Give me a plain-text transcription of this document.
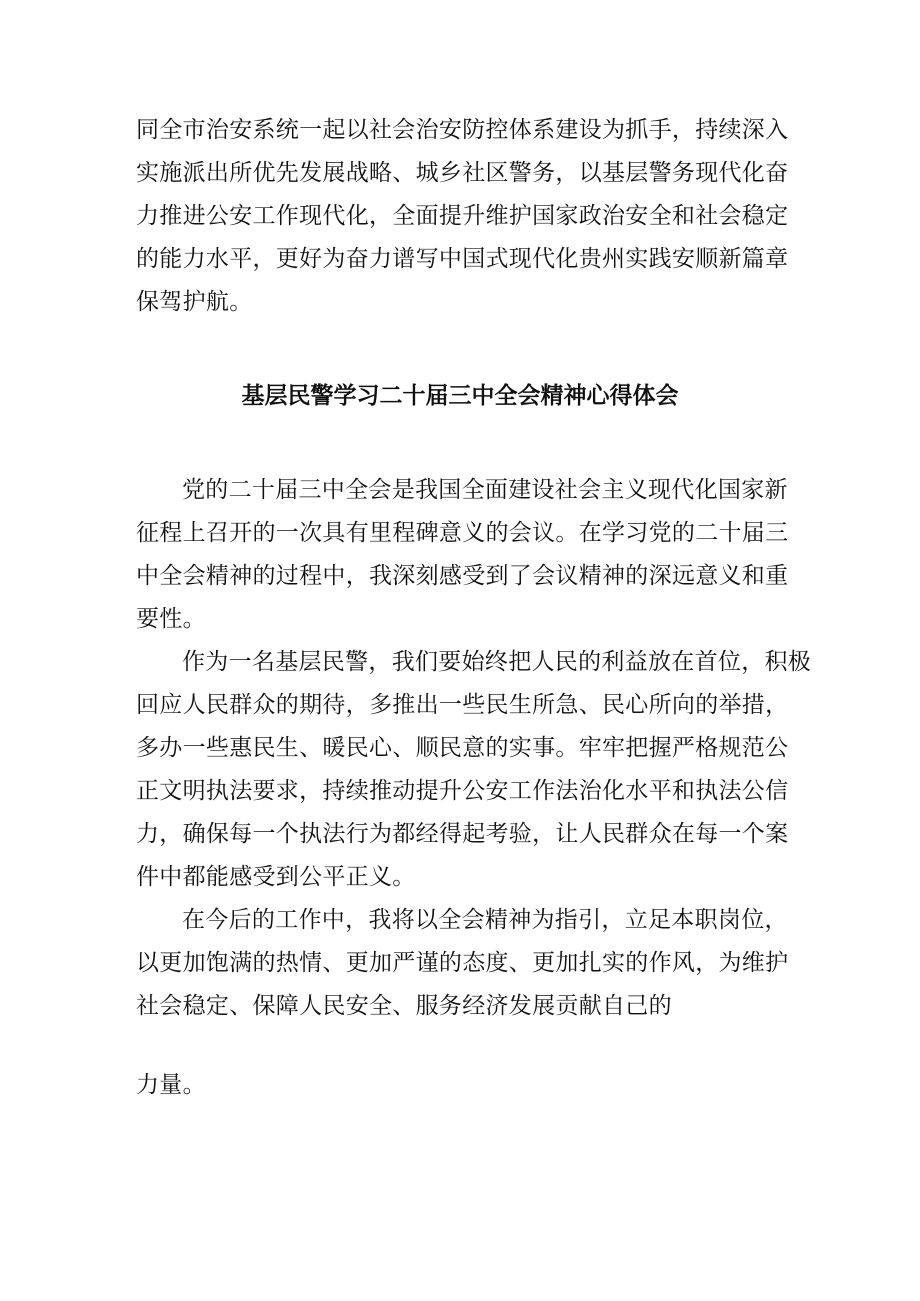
同全市治安系统一起以社会治安防控体系建设为抓手，持续深入
实施派出所优先发展战略、城乡社区警务，以基层警务现代化奋
力推进公安工作现代化，全面提升维护国家政治安全和社会稳定
的能力水平，更好为奋力谱写中国式现代化贵州实践安顺新篇章
保驾护航。
基层民警学习二十届三中全会精神心得体会
党的二十届三中全会是我国全面建设社会主义现代化国家新
征程上召开的一次具有里程碑意义的会议。在学习党的二十届三
中全会精神的过程中，我深刻感受到了会议精神的深远意义和重
要性。
作为一名基层民警，我们要始终把人民的利益放在首位，积极
回应人民群众的期待，多推出一些民生所急、民心所向的举措，
多办一些惠民生、暖民心、顺民意的实事。牢牢把握严格规范公
正文明执法要求，持续推动提升公安工作法治化水平和执法公信
力，确保每一个执法行为都经得起考验，让人民群众在每一个案
件中都能感受到公平正义。
在今后的工作中，我将以全会精神为指引，立足本职岗位，
以更加饱满的热情、更加严谨的态度、更加扎实的作风，为维护
社会稳定、保障人民安全、服务经济发展贡献自己的
力量。
